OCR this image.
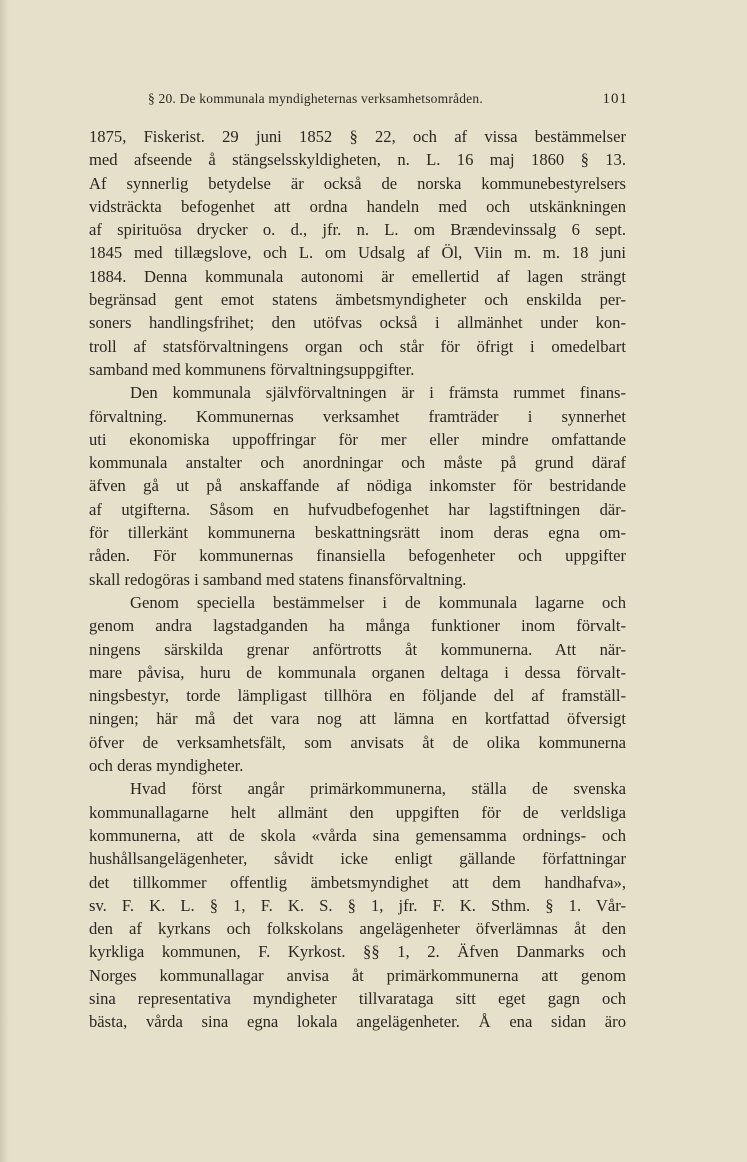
§ 20. De kommunala myndigheternas verksamhetsområden.	101
1875, Fiskerist. 29 juni 1852 § 22, och af vissa bestämmelser
med afseende å stängselsskyldigheten, n. L. 16 maj 1860 § 13.
Af synnerlig betydelse är också de norska kommunebestyrelsers
vidsträckta befogenhet att ordna handeln med och utskänkningen
af spirituösa drycker o. d., jfr. n. L. om Brændevinssalg 6 sept.
1845 med tillægslove, och L. om Udsalg af Öl, Viin m. m. 18 juni
1884. Denna kommunala autonomi är emellertid af lagen strängt
begränsad gent emot statens ämbetsmyndigheter och enskilda per-
soners handlingsfrihet; den utöfvas också i allmänhet under kon-
troll af statsförvaltningens organ och står för öfrigt i omedelbart
samband med kommunens förvaltningsuppgifter.
Den kommunala självförvaltningen är i främsta rummet finans-
förvaltning. Kommunernas verksamhet framträder i synnerhet
uti ekonomiska uppoffringar för mer eller mindre omfattande
kommunala anstalter och anordningar och måste på grund däraf
äfven gå ut på anskaffande af nödiga inkomster för bestridande
af utgifterna. Såsom en hufvudbefogenhet har lagstiftningen där-
för tillerkänt kommunerna beskattningsrätt inom deras egna om-
råden. För kommunernas finansiella befogenheter och uppgifter
skall redogöras i samband med statens finansförvaltning.
Genom speciella bestämmelser i de kommunala lagarne och
genom andra lagstadganden ha många funktioner inom förvalt-
ningens särskilda grenar anförtrotts åt kommunerna. Att när-
mare påvisa, huru de kommunala organen deltaga i dessa förvalt-
ningsbestyr, torde lämpligast tillhöra en följande del af framställ-
ningen; här må det vara nog att lämna en kortfattad öfversigt
öfver de verksamhetsfält, som anvisats åt de olika kommunerna
och deras myndigheter.
Hvad först angår primärkommunerna, ställa de svenska
kommunallagarne helt allmänt den uppgiften för de verldsliga
kommunerna, att de skola «vårda sina gemensamma ordnings- och
hushållsangelägenheter, såvidt icke enligt gällande författningar
det tillkommer offentlig ämbetsmyndighet att dem handhafva»,
sv. F. K. L. § 1, F. K. S. § 1, jfr. F. K. Sthm. § 1. Vår-
den af kyrkans och folkskolans angelägenheter öfverlämnas åt den
kyrkliga kommunen, F. Kyrkost. §§ 1, 2. Äfven Danmarks och
Norges kommunallagar anvisa åt primärkommunerna att genom
sina representativa myndigheter tillvarataga sitt eget gagn och
bästa, vårda sina egna lokala angelägenheter. Å ena sidan äro
